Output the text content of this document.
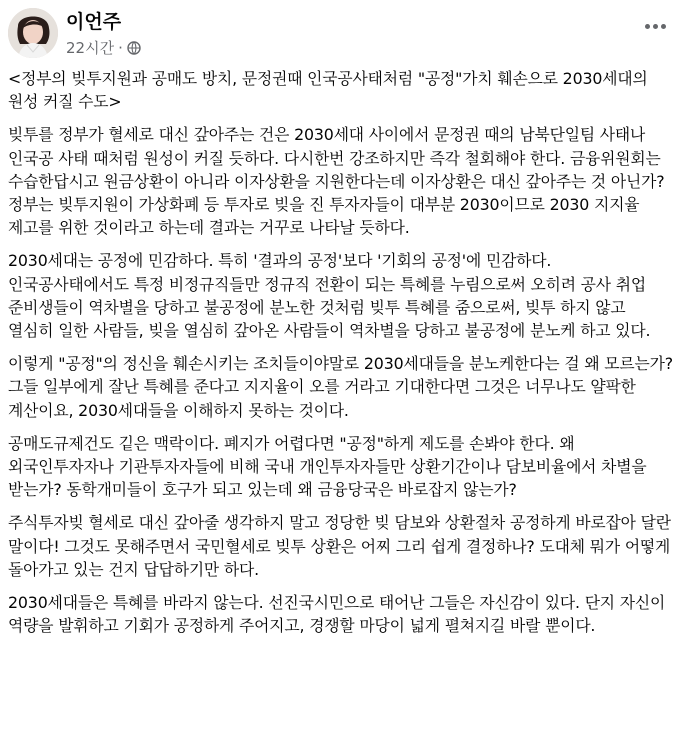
이언주
22시간 ·

<정부의 빚투지원과 공매도 방치, 문정권때 인국공사태처럼 "공정"가치 훼손으로 2030세대의 원성 커질 수도>

빚투를 정부가 혈세로 대신 갚아주는 건은 2030세대 사이에서 문정권 때의 남북단일팀 사태나 인국공 사태 때처럼 원성이 커질 듯하다. 다시한번 강조하지만 즉각 철회해야 한다. 금융위원회는 수습한답시고 원금상환이 아니라 이자상환을 지원한다는데 이자상환은 대신 갚아주는 것 아닌가? 정부는 빚투지원이 가상화폐 등 투자로 빚을 진 투자자들이 대부분 2030이므로 2030 지지율 제고를 위한 것이라고 하는데 결과는 거꾸로 나타날 듯하다.

2030세대는 공정에 민감하다. 특히 '결과의 공정'보다 '기회의 공정'에 민감하다. 인국공사태에서도 특정 비정규직들만 정규직 전환이 되는 특혜를 누림으로써 오히려 공사 취업 준비생들이 역차별을 당하고 불공정에 분노한 것처럼 빚투 특혜를 줌으로써, 빚투 하지 않고 열심히 일한 사람들, 빚을 열심히 갚아온 사람들이 역차별을 당하고 불공정에 분노케 하고 있다.

이렇게 "공정"의 정신을 훼손시키는 조치들이야말로 2030세대들을 분노케한다는 걸 왜 모르는가? 그들 일부에게 잘난 특혜를 준다고 지지율이 오를 거라고 기대한다면 그것은 너무나도 얄팍한 계산이요, 2030세대들을 이해하지 못하는 것이다.

공매도규제건도 깉은 맥락이다. 폐지가 어렵다면 "공정"하게 제도를 손봐야 한다. 왜 외국인투자자나 기관투자자들에 비해 국내 개인투자자들만 상환기간이나 담보비율에서 차별을 받는가? 동학개미들이 호구가 되고 있는데 왜 금융당국은 바로잡지 않는가?

주식투자빚 혈세로 대신 갚아줄 생각하지 말고 정당한 빚 담보와 상환절차 공정하게 바로잡아 달란 말이다! 그것도 못해주면서 국민혈세로 빚투 상환은 어찌 그리 쉽게 결정하나? 도대체 뭐가 어떻게 돌아가고 있는 건지 답답하기만 하다.

2030세대들은 특혜를 바라지 않는다. 선진국시민으로 태어난 그들은 자신감이 있다. 단지 자신이 역량을 발휘하고 기회가 공정하게 주어지고, 경쟁할 마당이 넓게 펼쳐지길 바랄 뿐이다.
